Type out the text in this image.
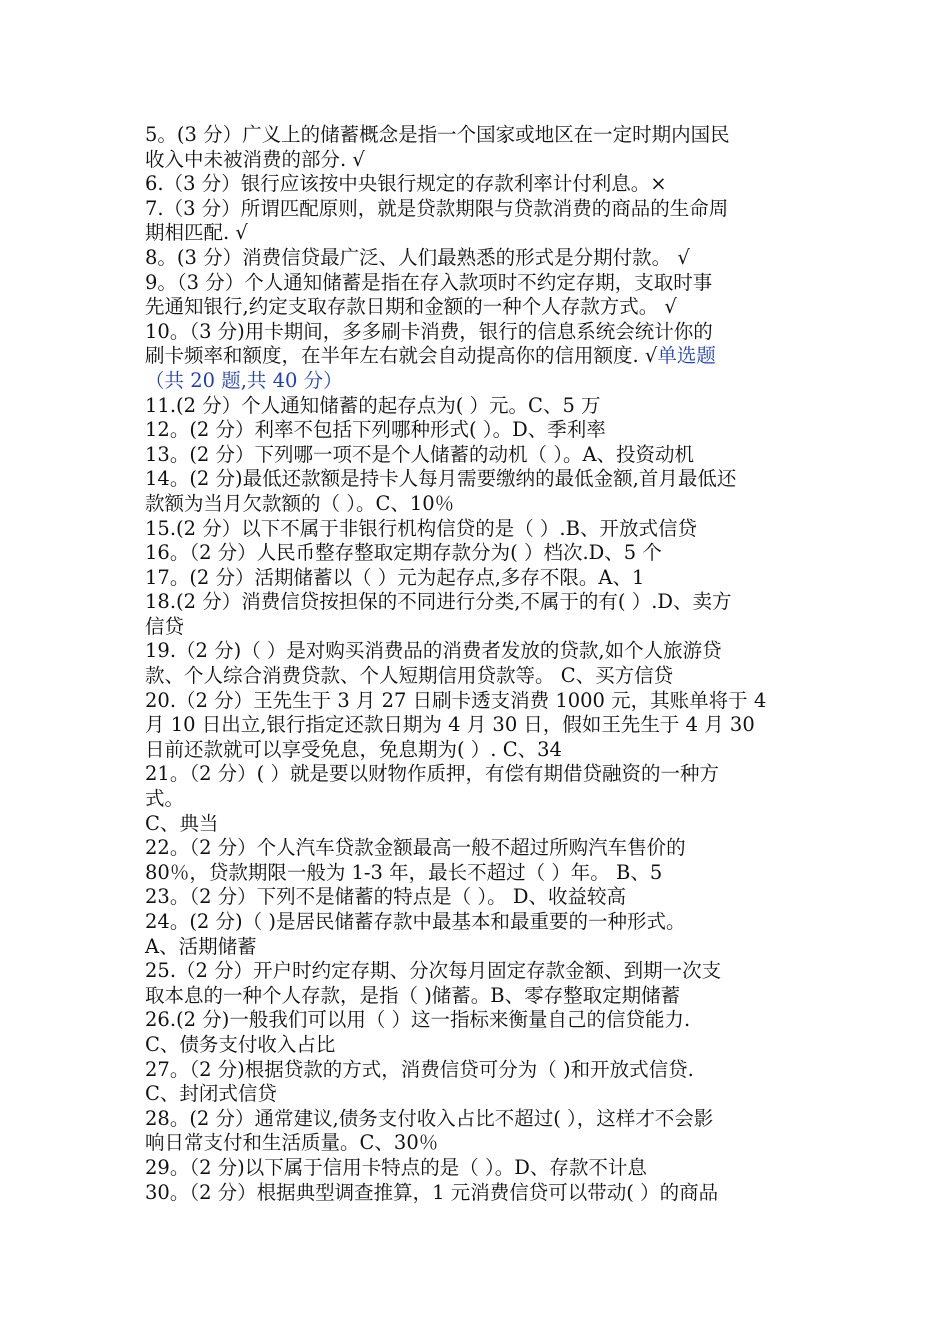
5。(3 分）广义上的储蓄概念是指一个国家或地区在一定时期内国民
收入中未被消费的部分. √
6.（3 分）银行应该按中央银行规定的存款利率计付利息。×
7.（3 分）所谓匹配原则，就是贷款期限与贷款消费的商品的生命周
期相匹配. √
8。(3 分）消费信贷最广泛、人们最熟悉的形式是分期付款。 √
9。（3 分）个人通知储蓄是指在存入款项时不约定存期，支取时事
先通知银行,约定支取存款日期和金额的一种个人存款方式。 √
10。（3 分)用卡期间，多多刷卡消费，银行的信息系统会统计你的
刷卡频率和额度，在半年左右就会自动提高你的信用额度. √单选题
（共 20 题,共 40 分）
11.(2 分）个人通知储蓄的起存点为( ）元。C、5 万
12。(2 分）利率不包括下列哪种形式( ）。D、季利率
13。(2 分）下列哪一项不是个人储蓄的动机（ ）。A、投资动机
14。(2 分)最低还款额是持卡人每月需要缴纳的最低金额,首月最低还
款额为当月欠款额的（ ）。C、10％
15.(2 分）以下不属于非银行机构信贷的是（ ）.B、开放式信贷
16。（2 分）人民币整存整取定期存款分为( ）档次.D、5 个
17。(2 分）活期储蓄以（ ）元为起存点,多存不限。A、1
18.(2 分）消费信贷按担保的不同进行分类,不属于的有( ）.D、卖方
信贷
19.（2 分)（ ）是对购买消费品的消费者发放的贷款,如个人旅游贷
款、个人综合消费贷款、个人短期信用贷款等。 C、买方信贷
20.（2 分）王先生于 3 月 27 日刷卡透支消费 1000 元，其账单将于 4
月 10 日出立,银行指定还款日期为 4 月 30 日，假如王先生于 4 月 30
日前还款就可以享受免息，免息期为( ）. C、34
21。（2 分）( ）就是要以财物作质押，有偿有期借贷融资的一种方
式。
C、典当
22。（2 分）个人汽车贷款金额最高一般不超过所购汽车售价的
80％，贷款期限一般为 1-3 年，最长不超过（ ）年。 B、5
23。（2 分）下列不是储蓄的特点是（ ）。 D、收益较高
24。(2 分)（ )是居民储蓄存款中最基本和最重要的一种形式。
A、活期储蓄
25.（2 分）开户时约定存期、分次每月固定存款金额、到期一次支
取本息的一种个人存款，是指（ )储蓄。B、零存整取定期储蓄
26.(2 分)一般我们可以用（ ）这一指标来衡量自己的信贷能力.
C、债务支付收入占比
27。（2 分)根据贷款的方式，消费信贷可分为（ )和开放式信贷.
C、封闭式信贷
28。(2 分）通常建议,债务支付收入占比不超过( ），这样才不会影
响日常支付和生活质量。C、30％
29。（2 分)以下属于信用卡特点的是（ ）。D、存款不计息
30。（2 分）根据典型调查推算，1 元消费信贷可以带动( ）的商品
